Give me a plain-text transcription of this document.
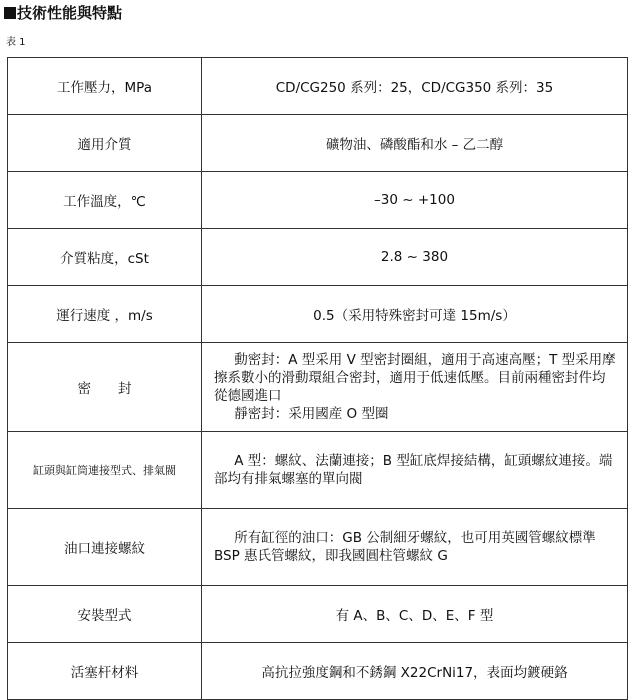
技術性能與特點
表 1
工作壓力，MPa	CD/CG250 系列：25，CD/CG350 系列：35
適用介質	礦物油、磷酸酯和水 – 乙二醇
工作溫度，℃	–30 ~ +100
介質粘度，cSt	2.8 ~ 380
運行速度 ，m/s	0.5（采用特殊密封可達 15m/s）
密　　封	動密封：A 型采用 V 型密封圈組，適用于高速高壓；T 型采用摩擦系數小的滑動環組合密封，適用于低速低壓。目前兩種密封件均從德國進口
靜密封：采用國産 O 型圈

缸頭與缸筒連接型式、排氣閥	A 型：螺紋、法蘭連接；B 型缸底焊接結構，缸頭螺紋連接。端部均有排氣螺塞的單向閥

油口連接螺紋	所有缸徑的油口：GB 公制細牙螺紋，也可用英國管螺紋標準 BSP 惠氏管螺紋，即我國圓柱管螺紋 G

安裝型式	有 A、B、C、D、E、F 型
活塞杆材料	高抗拉強度鋼和不銹鋼 X22CrNi17，表面均鍍硬鉻
